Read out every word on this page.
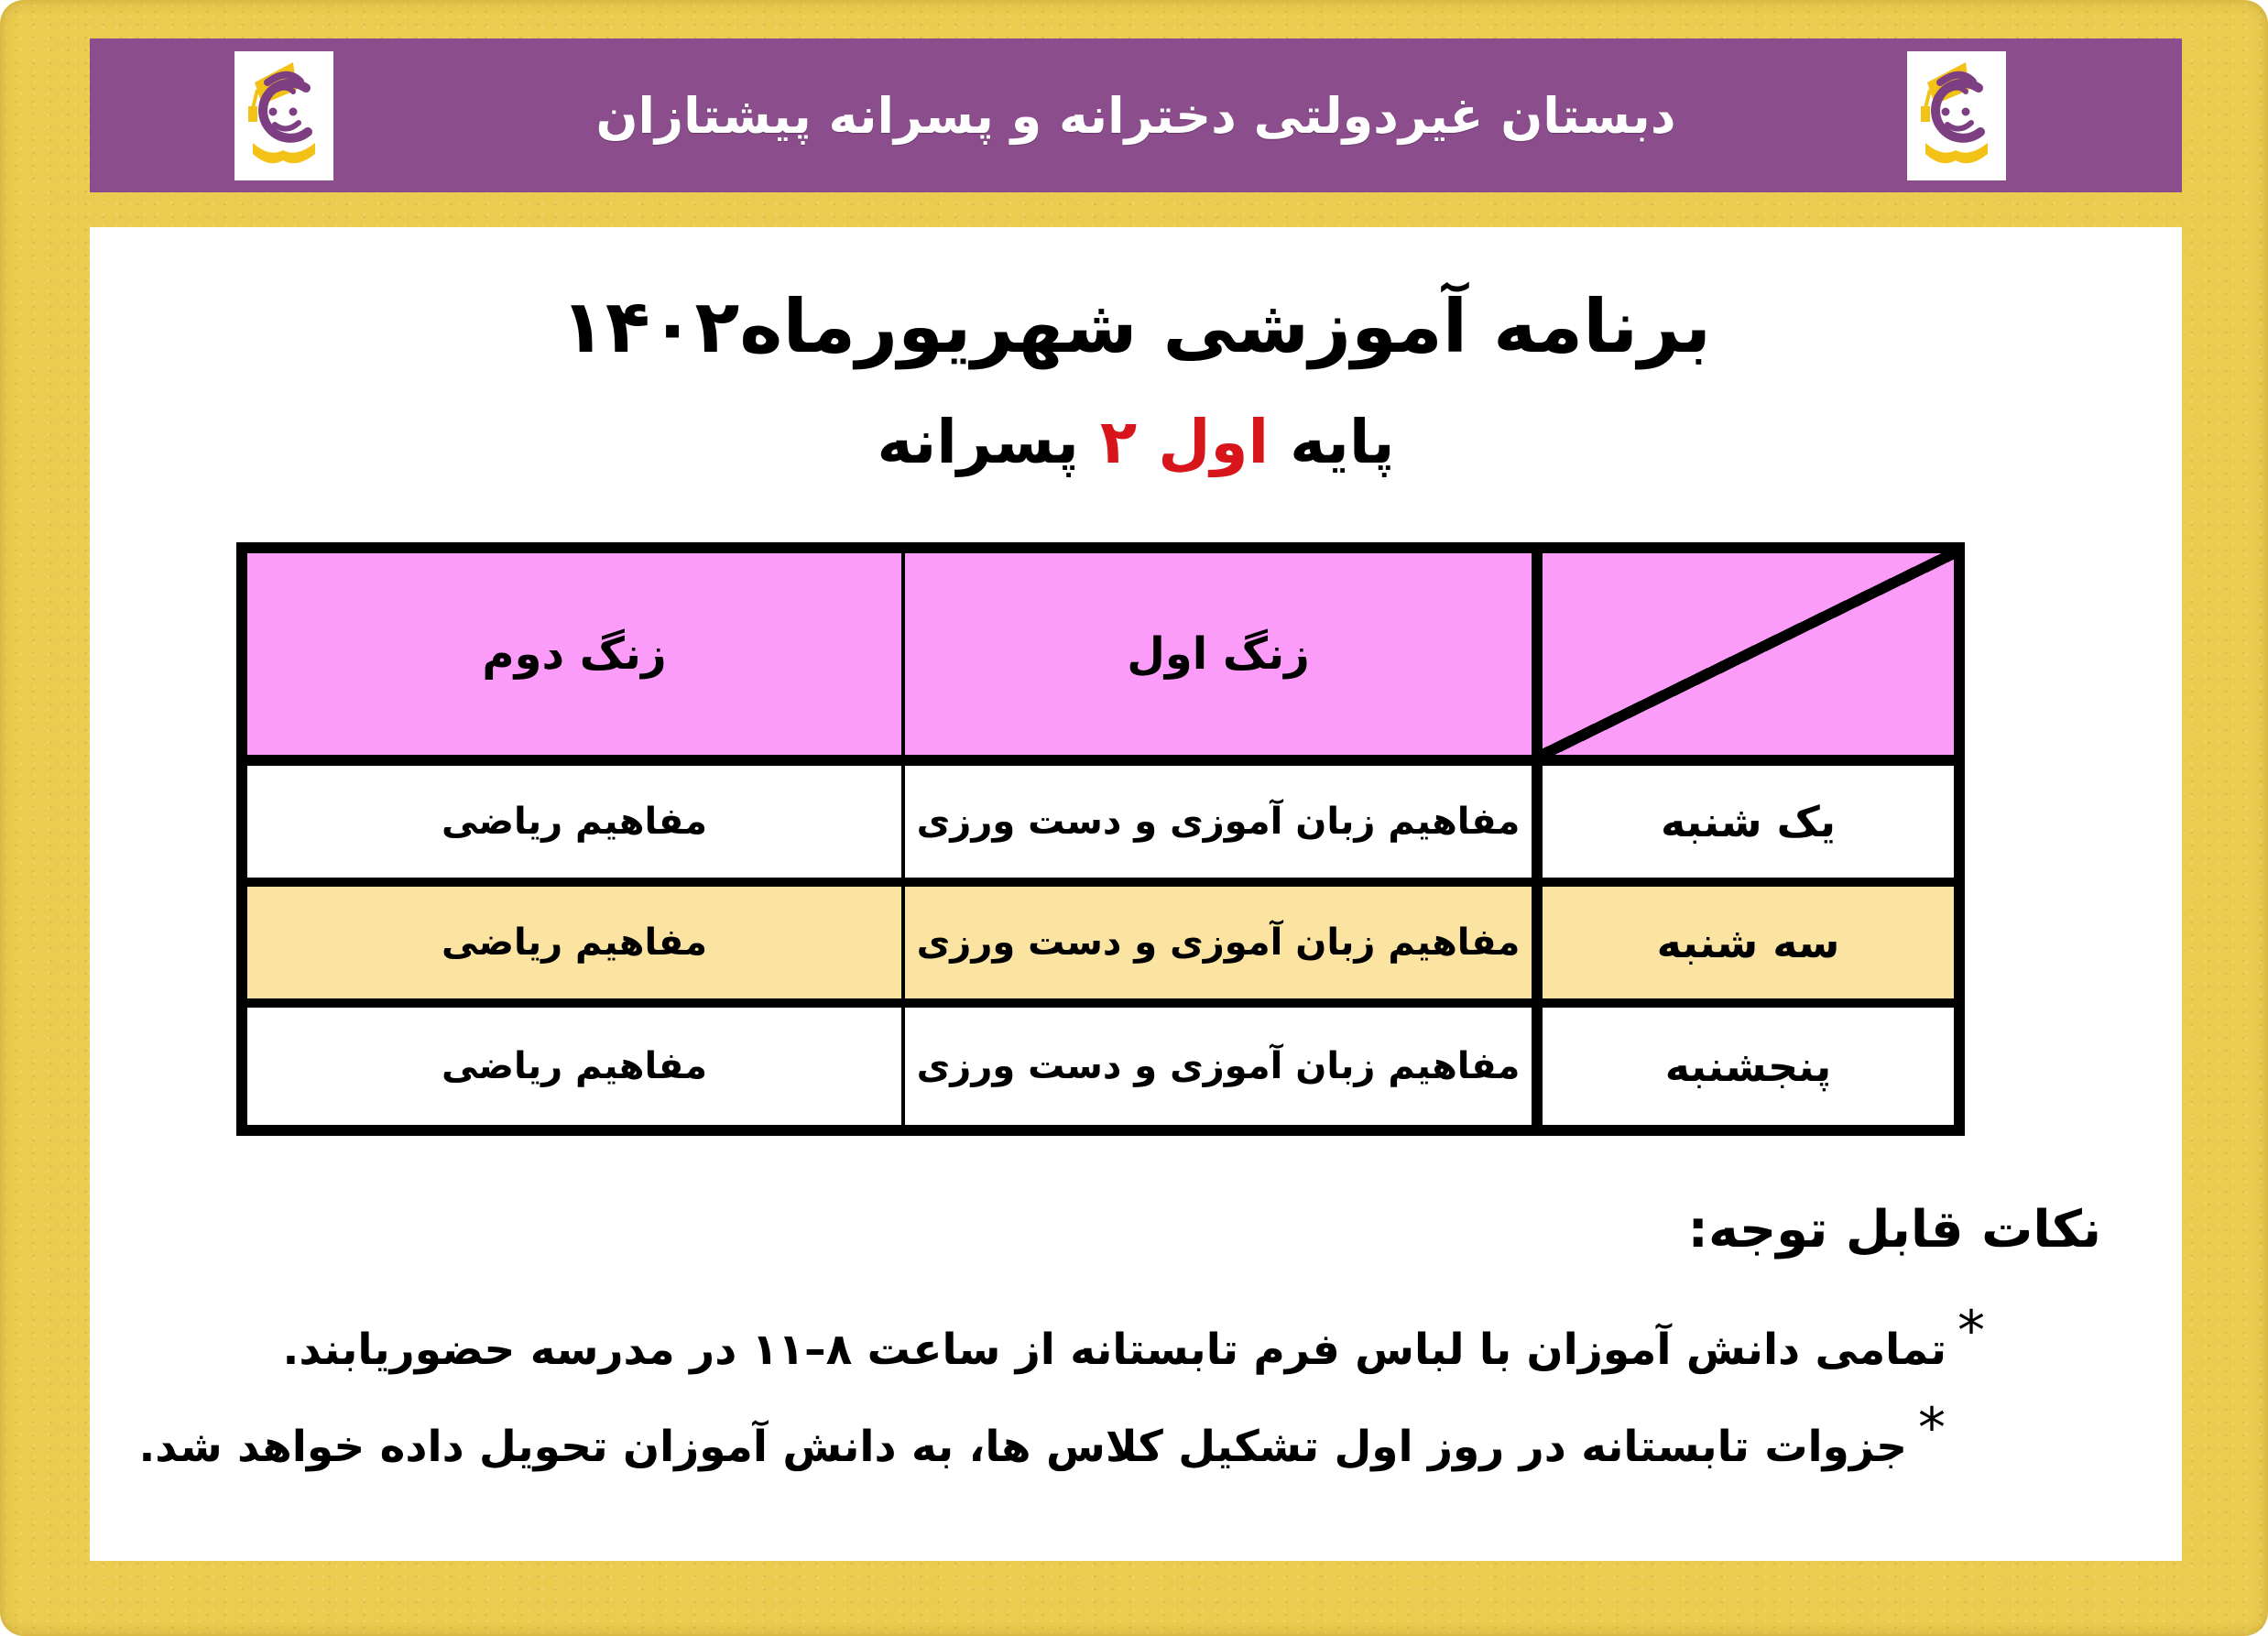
دبستان غیردولتی دخترانه و پسرانه پیشتازان
برنامه آموزشی شهریورماه۱۴۰۲
پایه اول ۲ پسرانه
زنگ اول
زنگ دوم
یک شنبه
مفاهیم زبان آموزی و دست ورزی
مفاهیم ریاضی
سه شنبه
مفاهیم زبان آموزی و دست ورزی
مفاهیم ریاضی
پنجشنبه
مفاهیم زبان آموزی و دست ورزی
مفاهیم ریاضی
نکات قابل توجه:
*تمامی دانش آموزان با لباس فرم تابستانه از ساعت ۸–۱۱ در مدرسه حضوریابند.
*جزوات تابستانه در روز اول تشکیل کلاس ها، به دانش آموزان تحویل داده خواهد شد.
